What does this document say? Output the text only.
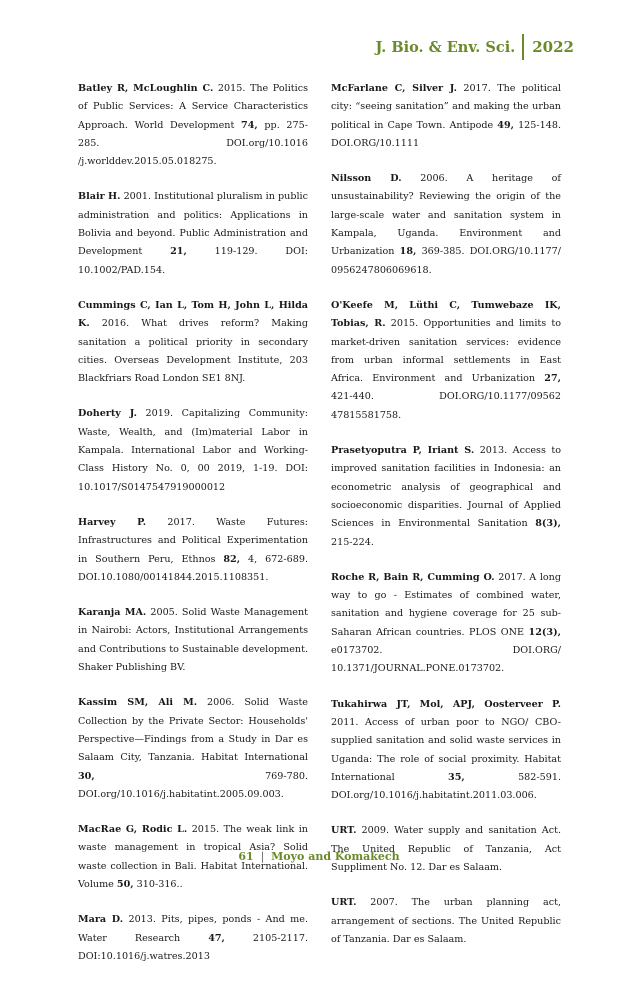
J. Bio. & Env. Sci.	2022

Batley R, McLoughlin C. 2015. The Politics of Public Services: A Service Characteristics Approach. World Development 74, pp. 275-285. DOI.org/10.1016 /j.worlddev.2015.05.018275.

Blair H. 2001. Institutional pluralism in public administration and politics: Applications in Bolivia and beyond. Public Administration and Development 21, 119-129. DOI: 10.1002/PAD.154.

Cummings C, Ian L, Tom H, John L, Hilda K. 2016. What drives reform? Making sanitation a political priority in secondary cities. Overseas Development Institute, 203 Blackfriars Road London SE1 8NJ.

Doherty J. 2019. Capitalizing Community: Waste, Wealth, and (Im)material Labor in Kampala. International Labor and Working-Class History No. 0, 00 2019, 1-19. DOI: 10.1017/S0147547919000012

Harvey P. 2017. Waste Futures: Infrastructures and Political Experimentation in Southern Peru, Ethnos 82, 4, 672-689. DOI.10.1080/00141844.2015.1108351.

Karanja MA. 2005. Solid Waste Management in Nairobi: Actors, Institutional Arrangements and Contributions to Sustainable development. Shaker Publishing BV.

Kassim SM, Ali M. 2006. Solid Waste Collection by the Private Sector: Households' Perspective—Findings from a Study in Dar es Salaam City, Tanzania. Habitat International 30, 769-780. DOI.org/10.1016/j.habitatint.2005.09.003.

MacRae G, Rodic L. 2015. The weak link in waste management in tropical Asia? Solid waste collection in Bali. Habitat International. Volume 50, 310-316..

Mara D. 2013. Pits, pipes, ponds - And me. Water Research 47, 2105-2117. DOI:10.1016/j.watres.2013

McFarlane C, Silver J. 2017. The political city: “seeing sanitation” and making the urban political in Cape Town. Antipode 49, 125-148. DOI.ORG/10.1111

Nilsson D. 2006. A heritage of unsustainability? Reviewing the origin of the large-scale water and sanitation system in Kampala, Uganda. Environment and Urbanization 18, 369-385. DOI.ORG/10.1177/ 0956247806069618.

O'Keefe M, Lüthi C, Tumwebaze IK, Tobias, R. 2015. Opportunities and limits to market-driven sanitation services: evidence from urban informal settlements in East Africa. Environment and Urbanization 27, 421-440. DOI.ORG/10.1177/09562 47815581758.

Prasetyoputra P, Iriant S. 2013. Access to improved sanitation facilities in Indonesia: an econometric analysis of geographical and socioeconomic disparities. Journal of Applied Sciences in Environmental Sanitation 8(3), 215-224.

Roche R, Bain R, Cumming O. 2017. A long way to go - Estimates of combined water, sanitation and hygiene coverage for 25 sub-Saharan African countries. PLOS ONE 12(3), e0173702. DOI.ORG/ 10.1371/JOURNAL.PONE.0173702.

Tukahirwa JT, Mol, APJ, Oosterveer P. 2011. Access of urban poor to NGO/ CBO-supplied sanitation and solid waste services in Uganda: The role of social proximity. Habitat International 35, 582-591. DOI.org/10.1016/j.habitatint.2011.03.006.

URT. 2009. Water supply and sanitation Act. The United Republic of Tanzania, Act Suppliment No. 12. Dar es Salaam.

URT. 2007. The urban planning act, arrangement of sections. The United Republic of Tanzania. Dar es Salaam.

61 | Moyo and Komakech
